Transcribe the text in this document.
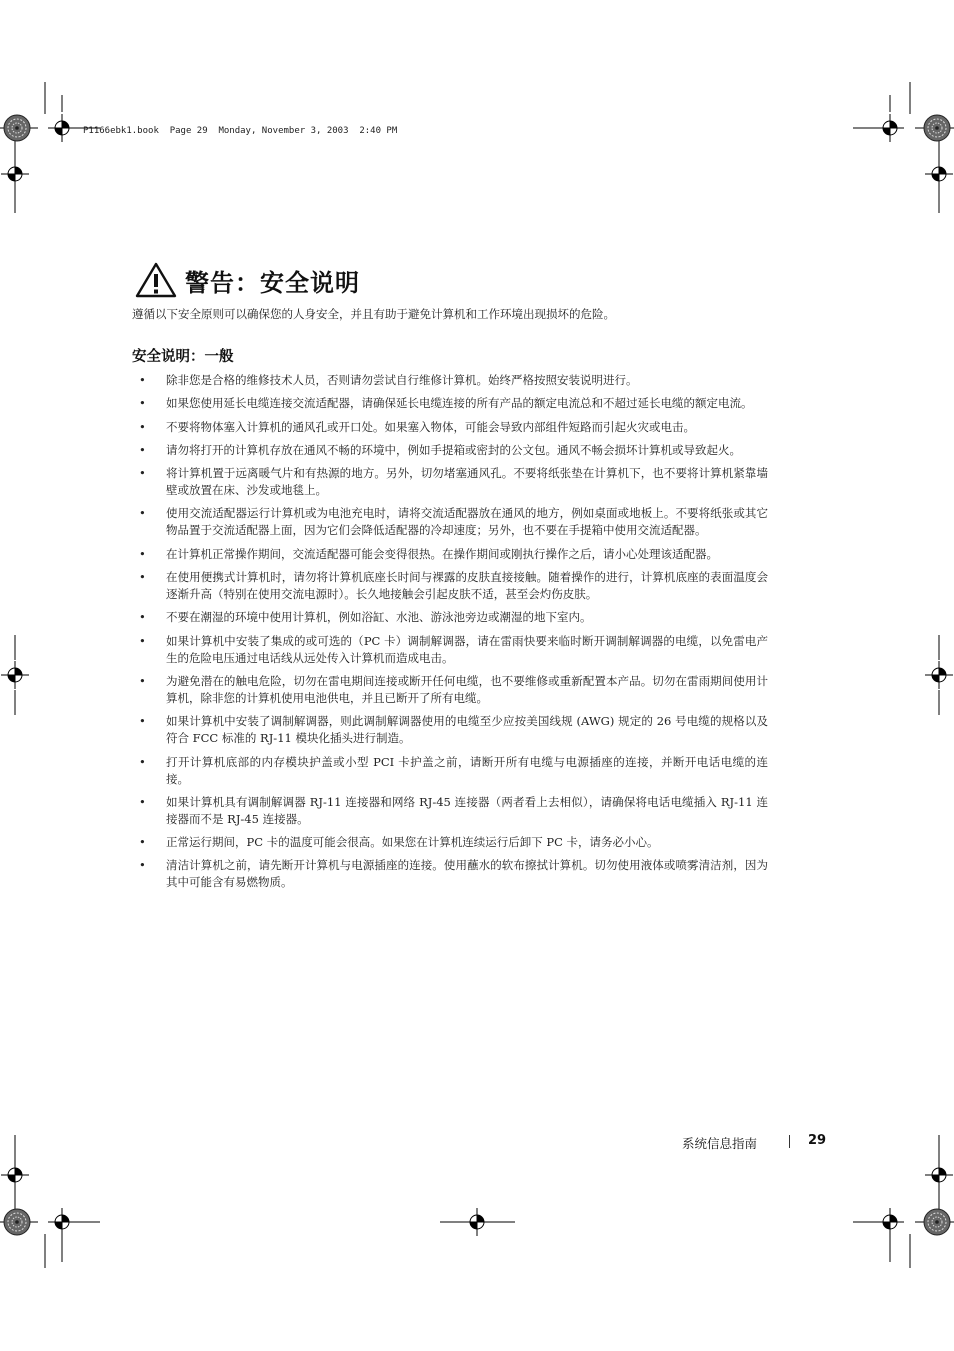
P1166ebk1.book  Page 29  Monday, November 3, 2003  2:40 PM
警告：安全说明
遵循以下安全原则可以确保您的人身安全，并且有助于避免计算机和工作环境出现损坏的危险。
安全说明：一般
• 除非您是合格的维修技术人员，否则请勿尝试自行维修计算机。始终严格按照安装说明进行。
• 如果您使用延长电缆连接交流适配器，请确保延长电缆连接的所有产品的额定电流总和不超过延长电缆的额定电流。
• 不要将物体塞入计算机的通风孔或开口处。如果塞入物体，可能会导致内部组件短路而引起火灾或电击。
• 请勿将打开的计算机存放在通风不畅的环境中，例如手提箱或密封的公文包。通风不畅会损坏计算机或导致起火。
• 将计算机置于远离暖气片和有热源的地方。另外，切勿堵塞通风孔。不要将纸张垫在计算机下，也不要将计算机紧靠墙壁或放置在床、沙发或地毯上。
• 使用交流适配器运行计算机或为电池充电时，请将交流适配器放在通风的地方，例如桌面或地板上。不要将纸张或其它物品置于交流适配器上面，因为它们会降低适配器的冷却速度；另外，也不要在手提箱中使用交流适配器。
• 在计算机正常操作期间，交流适配器可能会变得很热。在操作期间或刚执行操作之后，请小心处理该适配器。
• 在使用便携式计算机时，请勿将计算机底座长时间与裸露的皮肤直接接触。随着操作的进行，计算机底座的表面温度会逐渐升高（特别在使用交流电源时）。长久地接触会引起皮肤不适，甚至会灼伤皮肤。
• 不要在潮湿的环境中使用计算机，例如浴缸、水池、游泳池旁边或潮湿的地下室内。
• 如果计算机中安装了集成的或可选的（PC 卡）调制解调器，请在雷雨快要来临时断开调制解调器的电缆，以免雷电产生的危险电压通过电话线从远处传入计算机而造成电击。
• 为避免潜在的触电危险，切勿在雷电期间连接或断开任何电缆，也不要维修或重新配置本产品。切勿在雷雨期间使用计算机，除非您的计算机使用电池供电，并且已断开了所有电缆。
• 如果计算机中安装了调制解调器，则此调制解调器使用的电缆至少应按美国线规 (AWG) 规定的 26 号电缆的规格以及符合 FCC 标准的 RJ-11 模块化插头进行制造。
• 打开计算机底部的内存模块护盖或小型 PCI 卡护盖之前，请断开所有电缆与电源插座的连接，并断开电话电缆的连接。
• 如果计算机具有调制解调器 RJ-11 连接器和网络 RJ-45 连接器（两者看上去相似），请确保将电话电缆插入 RJ-11 连接器而不是 RJ-45 连接器。
• 正常运行期间，PC 卡的温度可能会很高。如果您在计算机连续运行后卸下 PC 卡，请务必小心。
• 清洁计算机之前，请先断开计算机与电源插座的连接。使用蘸水的软布擦拭计算机。切勿使用液体或喷雾清洁剂，因为其中可能含有易燃物质。
系统信息指南	29
